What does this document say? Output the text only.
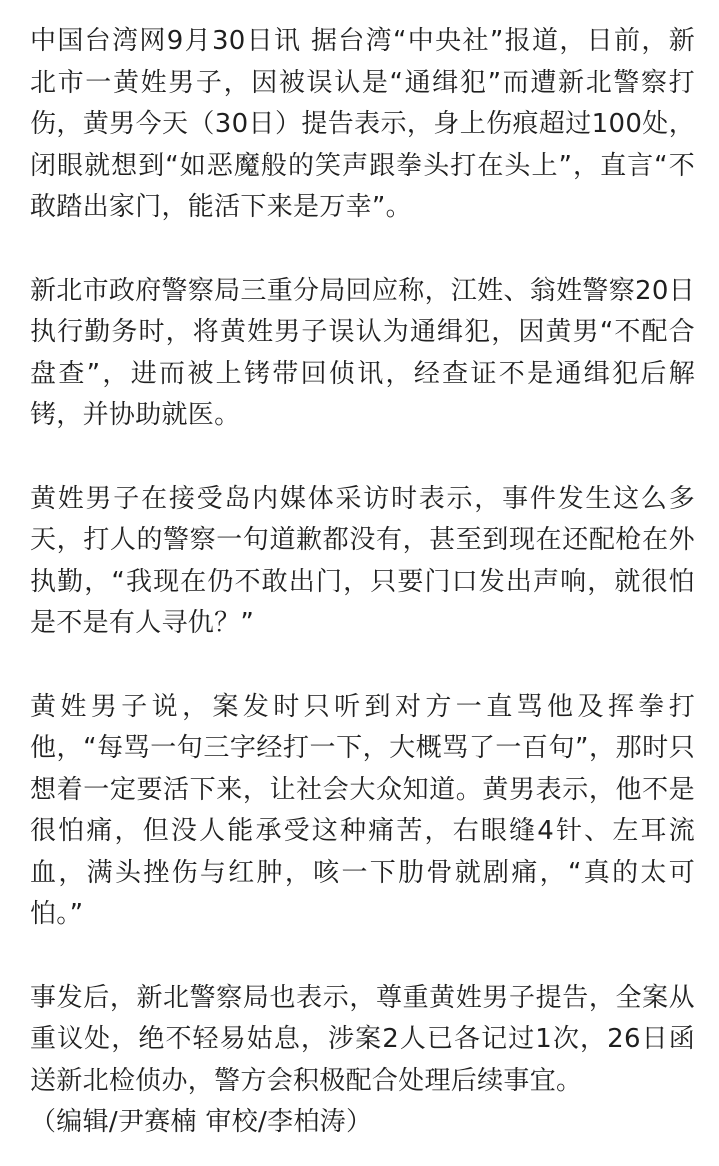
中国台湾网9月30日讯 据台湾“中央社”报道，日前，新北市一黄姓男子，因被误认是“通缉犯”而遭新北警察打伤，黄男今天（30日）提告表示，身上伤痕超过100处，闭眼就想到“如恶魔般的笑声跟拳头打在头上”，直言“不敢踏出家门，能活下来是万幸”。

新北市政府警察局三重分局回应称，江姓、翁姓警察20日执行勤务时，将黄姓男子误认为通缉犯，因黄男“不配合盘查”，进而被上铐带回侦讯，经查证不是通缉犯后解铐，并协助就医。

黄姓男子在接受岛内媒体采访时表示，事件发生这么多天，打人的警察一句道歉都没有，甚至到现在还配枪在外执勤，“我现在仍不敢出门，只要门口发出声响，就很怕是不是有人寻仇？”

黄姓男子说，案发时只听到对方一直骂他及挥拳打他，“每骂一句三字经打一下，大概骂了一百句”，那时只想着一定要活下来，让社会大众知道。黄男表示，他不是很怕痛，但没人能承受这种痛苦，右眼缝4针、左耳流血，满头挫伤与红肿，咳一下肋骨就剧痛，“真的太可怕。”

事发后，新北警察局也表示，尊重黄姓男子提告，全案从重议处，绝不轻易姑息，涉案2人已各记过1次，26日函送新北检侦办，警方会积极配合处理后续事宜。
（编辑/尹赛楠 审校/李柏涛）
